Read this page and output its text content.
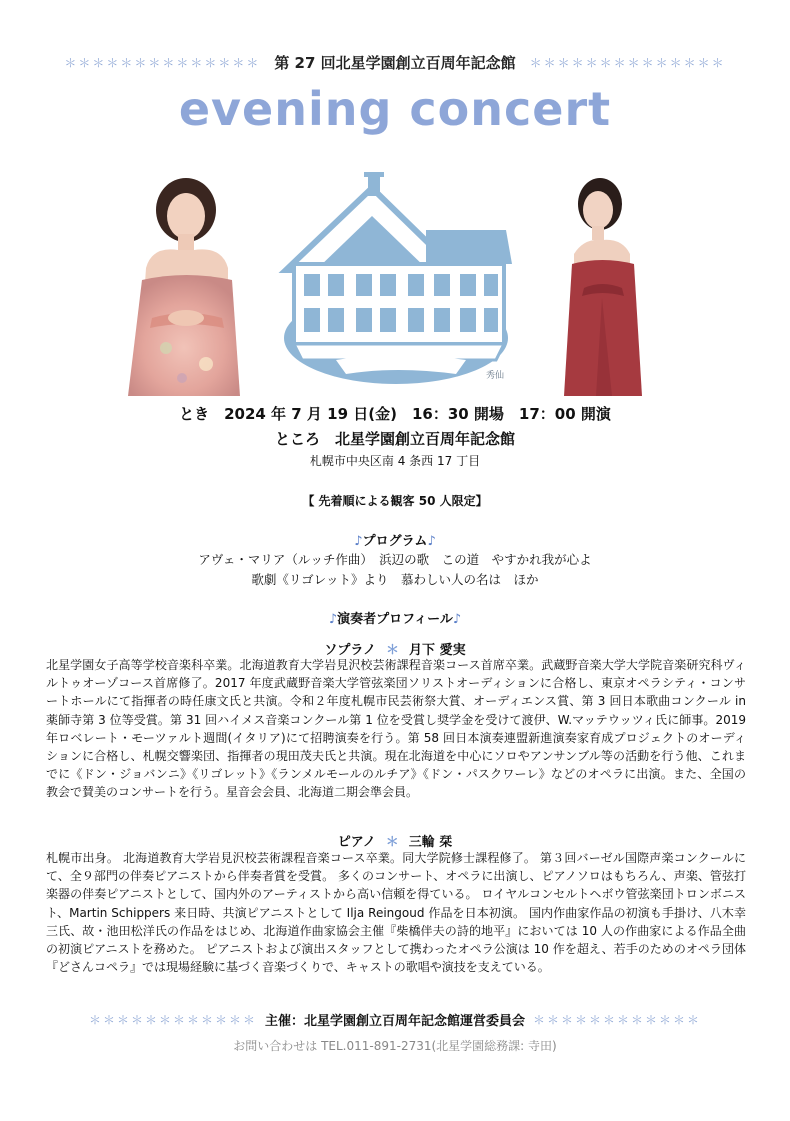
＊＊＊＊＊＊＊＊＊＊＊＊＊＊ 第 27 回北星学園創立百周年記念館 ＊＊＊＊＊＊＊＊＊＊＊＊＊＊
evening concert
秀仙
とき　2024 年 7 月 19 日(金)　16：30 開場　17：00 開演
ところ　北星学園創立百周年記念館
札幌市中央区南 4 条西 17 丁目
【 先着順による観客 50 人限定】
♪プログラム♪
アヴェ・マリア（ルッチ作曲）　浜辺の歌　この道　やすかれ我が心よ
歌劇《リゴレット》より　慕わしい人の名は　ほか
♪演奏者プロフィール♪
ソプラノ ＊ 月下 愛実
北星学園女子高等学校音楽科卒業。北海道教育大学岩見沢校芸術課程音楽コース首席卒業。武蔵野音楽大学大学院音楽研究科ヴィルトゥオーゾコース首席修了。2017 年度武蔵野音楽大学管弦楽団ソリストオーディションに合格し、東京オペラシティ・コンサートホールにて指揮者の時任康文氏と共演。令和２年度札幌市民芸術祭大賞、オーディエンス賞、第 3 回日本歌曲コンクール in 薬師寺第 3 位等受賞。第 31 回ハイメス音楽コンクール第 1 位を受賞し奨学金を受けて渡伊、W.マッテウッツィ氏に師事。2019 年ロベレート・モーツァルト週間(イタリア)にて招聘演奏を行う。第 58 回日本演奏連盟新進演奏家育成プロジェクトのオーディションに合格し、札幌交響楽団、指揮者の現田茂夫氏と共演。現在北海道を中心にソロやアンサンブル等の活動を行う他、これまでに《ドン・ジョバンニ》《リゴレット》《ランメルモールのルチア》《ドン・パスクワーレ》などのオペラに出演。また、全国の教会で賛美のコンサートを行う。星音会会員、北海道二期会準会員。
ピアノ ＊ 三輪 栞
札幌市出身。 北海道教育大学岩見沢校芸術課程音楽コース卒業。同大学院修士課程修了。 第３回バーゼル国際声楽コンクールにて、全９部門の伴奏ピアニストから伴奏者賞を受賞。 多くのコンサート、オペラに出演し、ピアノソロはもちろん、声楽、管弦打楽器の伴奏ピアニストとして、国内外のアーティストから高い信頼を得ている。 ロイヤルコンセルトヘボウ管弦楽団トロンボニスト、Martin Schippers 来日時、共演ピアニストとして Ilja Reingoud 作品を日本初演。 国内作曲家作品の初演も手掛け、八木幸三氏、故・池田松洋氏の作品をはじめ、北海道作曲家協会主催『柴橋伴夫の詩的地平』においては 10 人の作曲家による作品全曲の初演ピアニストを務めた。 ピアニストおよび演出スタッフとして携わったオペラ公演は 10 作を超え、若手のためのオペラ団体『どさんコペラ』では現場経験に基づく音楽づくりで、キャストの歌唱や演技を支えている。
＊＊＊＊＊＊＊＊＊＊＊＊ 主催：北星学園創立百周年記念館運営委員会 ＊＊＊＊＊＊＊＊＊＊＊＊
お問い合わせは TEL.011-891-2731(北星学園総務課: 寺田)
